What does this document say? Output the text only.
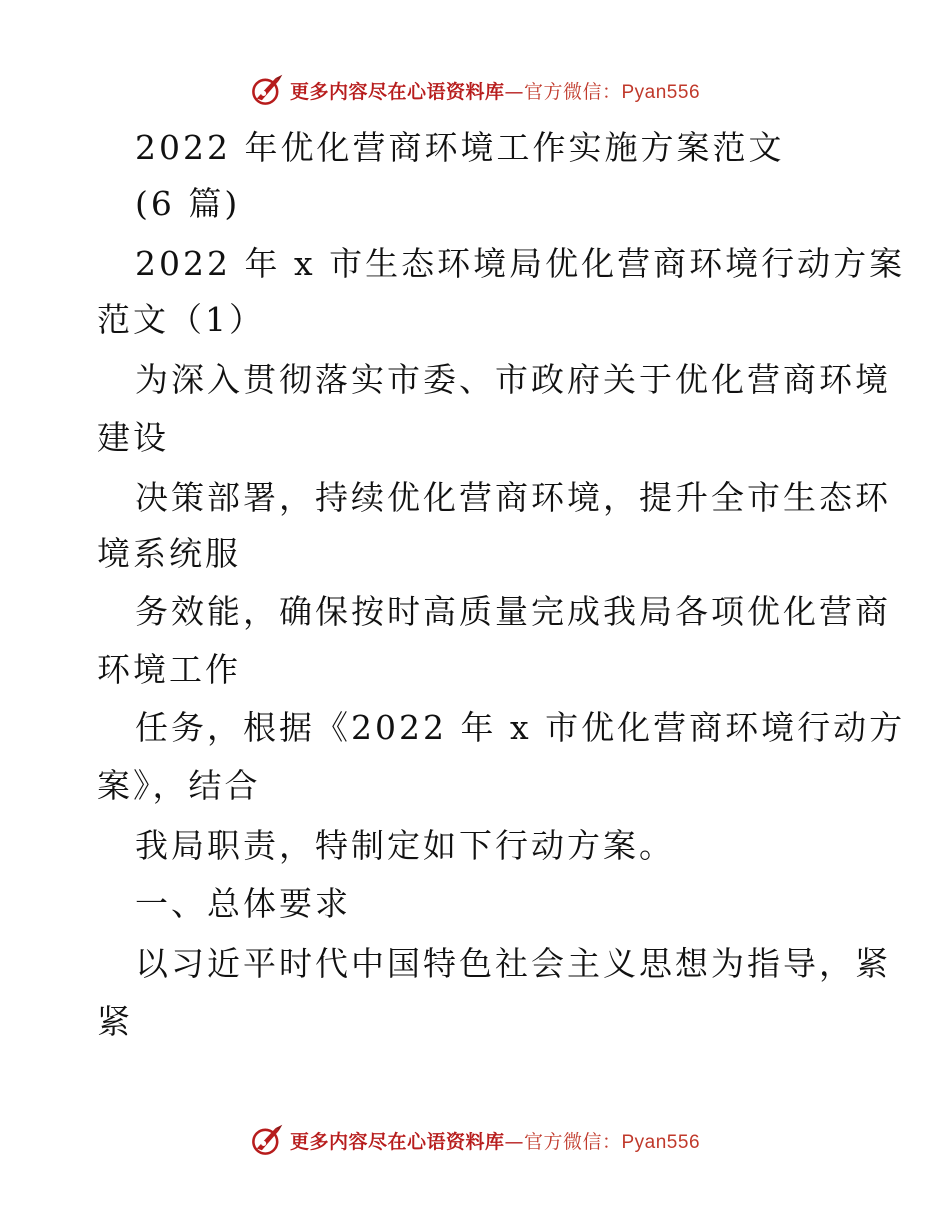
更多内容尽在心语资料库—官方微信：Pyan556
2022 年优化营商环境工作实施方案范文
(6 篇)
2022 年 x 市生态环境局优化营商环境行动方案
范文（1）
为深入贯彻落实市委、市政府关于优化营商环境
建设
决策部署，持续优化营商环境，提升全市生态环
境系统服
务效能，确保按时高质量完成我局各项优化营商
环境工作
任务，根据《2022 年 x 市优化营商环境行动方
案》，结合
我局职责，特制定如下行动方案。
一、总体要求
以习近平时代中国特色社会主义思想为指导，紧
紧
更多内容尽在心语资料库—官方微信：Pyan556
